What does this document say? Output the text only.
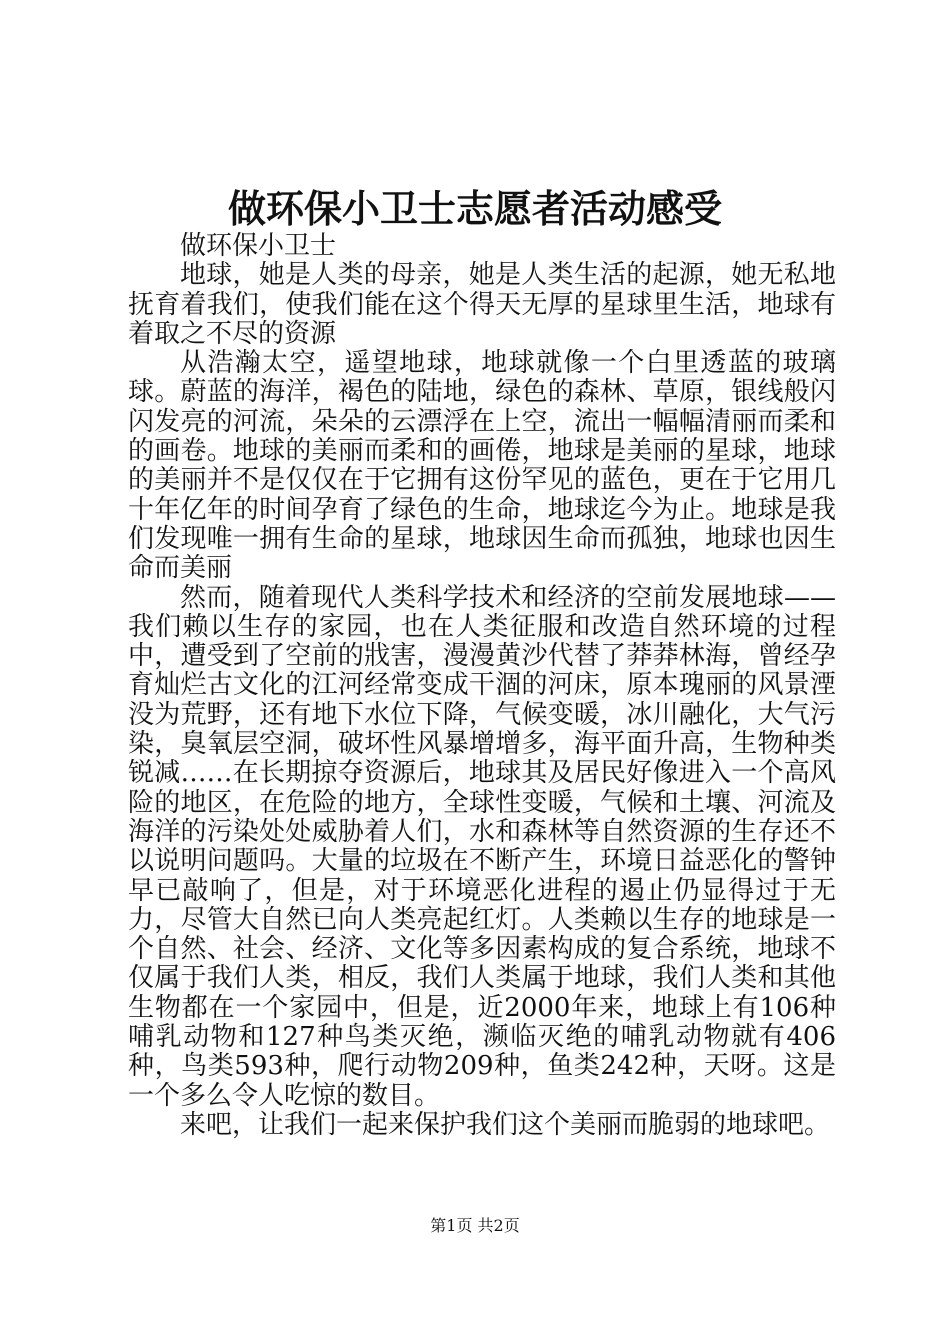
做环保小卫士志愿者活动感受

做环保小卫士

地球，她是人类的母亲，她是人类生活的起源，她无私地抚育着我们，使我们能在这个得天无厚的星球里生活，地球有着取之不尽的资源

从浩瀚太空，遥望地球，地球就像一个白里透蓝的玻璃球。蔚蓝的海洋，褐色的陆地，绿色的森林、草原，银线般闪闪发亮的河流，朵朵的云漂浮在上空，流出一幅幅清丽而柔和的画卷。地球的美丽而柔和的画倦，地球是美丽的星球，地球的美丽并不是仅仅在于它拥有这份罕见的蓝色，更在于它用几十年亿年的时间孕育了绿色的生命，地球迄今为止。地球是我们发现唯一拥有生命的星球，地球因生命而孤独，地球也因生命而美丽

然而，随着现代人类科学技术和经济的空前发展地球——我们赖以生存的家园，也在人类征服和改造自然环境的过程中，遭受到了空前的戕害，漫漫黄沙代替了莽莽林海，曾经孕育灿烂古文化的江河经常变成干涸的河床，原本瑰丽的风景湮没为荒野，还有地下水位下降，气候变暖，冰川融化，大气污染，臭氧层空洞，破坏性风暴增增多，海平面升高，生物种类锐减……在长期掠夺资源后，地球其及居民好像进入一个高风险的地区，在危险的地方，全球性变暖，气候和土壤、河流及海洋的污染处处威胁着人们，水和森林等自然资源的生存还不以说明问题吗。大量的垃圾在不断产生，环境日益恶化的警钟早已敲响了，但是，对于环境恶化进程的遏止仍显得过于无力，尽管大自然已向人类亮起红灯。人类赖以生存的地球是一个自然、社会、经济、文化等多因素构成的复合系统，地球不仅属于我们人类，相反，我们人类属于地球，我们人类和其他生物都在一个家园中，但是，近2000年来，地球上有106种哺乳动物和127种鸟类灭绝，濒临灭绝的哺乳动物就有406种，鸟类593种，爬行动物209种，鱼类242种，天呀。这是一个多么令人吃惊的数目。

来吧，让我们一起来保护我们这个美丽而脆弱的地球吧。

第1页 共2页
